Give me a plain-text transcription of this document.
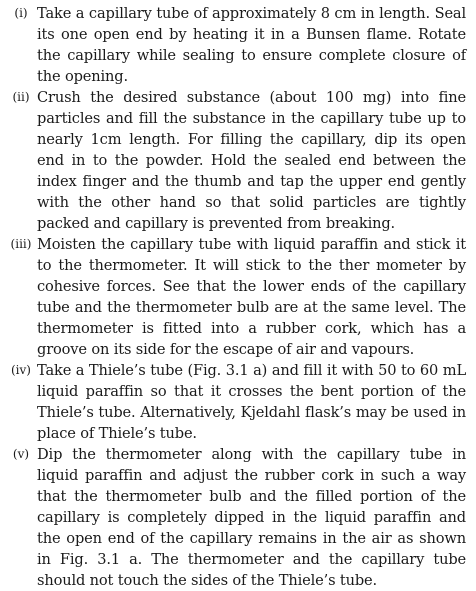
(i) Take a capillary tube of approximately 8 cm in length. Seal its one open end by heating it in a Bunsen flame. Rotate the capillary while sealing to ensure complete closure of the opening.

(ii) Crush the desired substance (about 100 mg) into fine particles and fill the substance in the capillary tube up to nearly 1cm length. For filling the capillary, dip its open end in to the powder. Hold the sealed end between the index finger and the thumb and tap the upper end gently with the other hand so that solid particles are tightly packed and capillary is prevented from breaking.

(iii) Moisten the capillary tube with liquid paraffin and stick it to the thermometer. It will stick to the ther mometer by cohesive forces. See that the lower ends of the capillary tube and the thermometer bulb are at the same level. The thermometer is fitted into a rubber cork, which has a groove on its side for the escape of air and vapours.

(iv) Take a Thiele’s tube (Fig. 3.1 a) and fill it with 50 to 60 mL liquid paraffin so that it crosses the bent portion of the Thiele’s tube. Alternatively, Kjeldahl flask’s may be used in place of Thiele’s tube.

(v) Dip the thermometer along with the capillary tube in liquid paraffin and adjust the rubber cork in such a way that the thermometer bulb and the filled portion of the capillary is completely dipped in the liquid paraffin and the open end of the capillary remains in the air as shown in Fig. 3.1 a. The thermometer and the capillary tube should not touch the sides of the Thiele’s tube.
